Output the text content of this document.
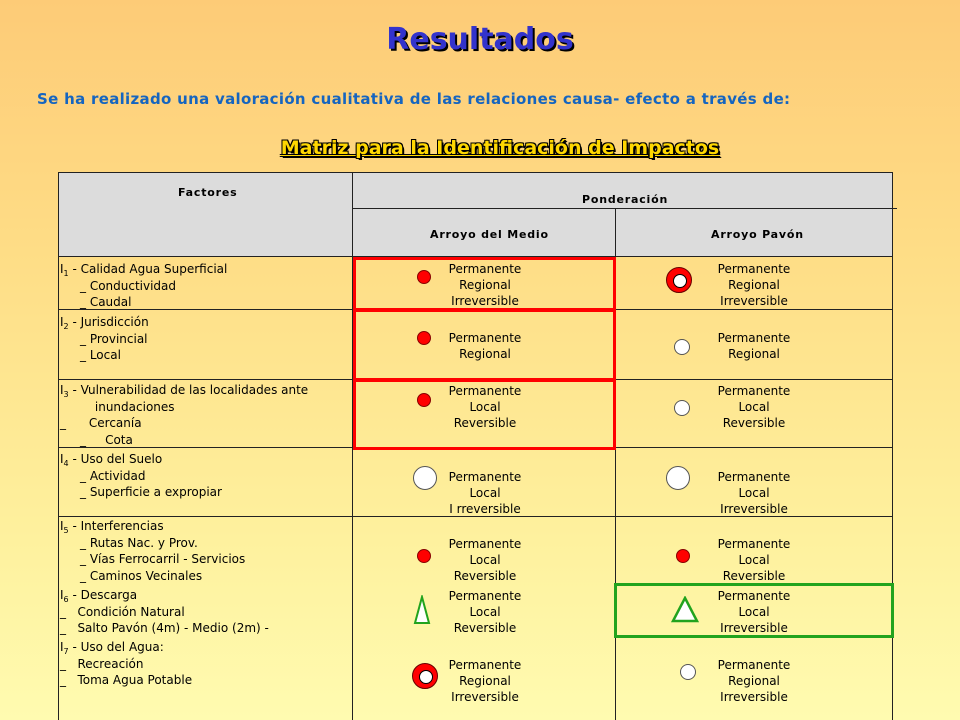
Resultados
Se ha realizado una valoración cualitativa de las relaciones causa- efecto a través de:
Matriz para la Identificación de Impactos
Factores
Ponderación
Arroyo del Medio	Arroyo Pavón
$I_1$ - Calidad Agua Superficial
_ Conductividad
_ Caudal
$I_2$ - Jurisdicción
_ Provincial
_ Local
$I_3$ - Vulnerabilidad de las localidades ante
inundaciones
_      Cercanía
_     Cota
$I_4$ - Uso del Suelo
_ Actividad
_ Superficie a expropiar
$I_5$ - Interferencias
_ Rutas Nac. y Prov.
_ Vías Ferrocarril - Servicios
_ Caminos Vecinales
$I_6$ - Descarga
_   Condición Natural
_   Salto Pavón (4m) - Medio (2m) -
$I_7$ - Uso del Agua:
_   Recreación
_   Toma Agua Potable
Permanente
Regional
Irreversible
Permanente
Regional
Permanente
Local
Reversible
Permanente
Local
I rreversible
Permanente
Local
Reversible
Permanente
Local
Reversible
Permanente
Regional
Irreversible
Permanente
Regional
Irreversible
Permanente
Regional
Permanente
Local
Reversible
Permanente
Local
Irreversible
Permanente
Local
Reversible
Permanente
Local
Irreversible
Permanente
Regional
Irreversible
